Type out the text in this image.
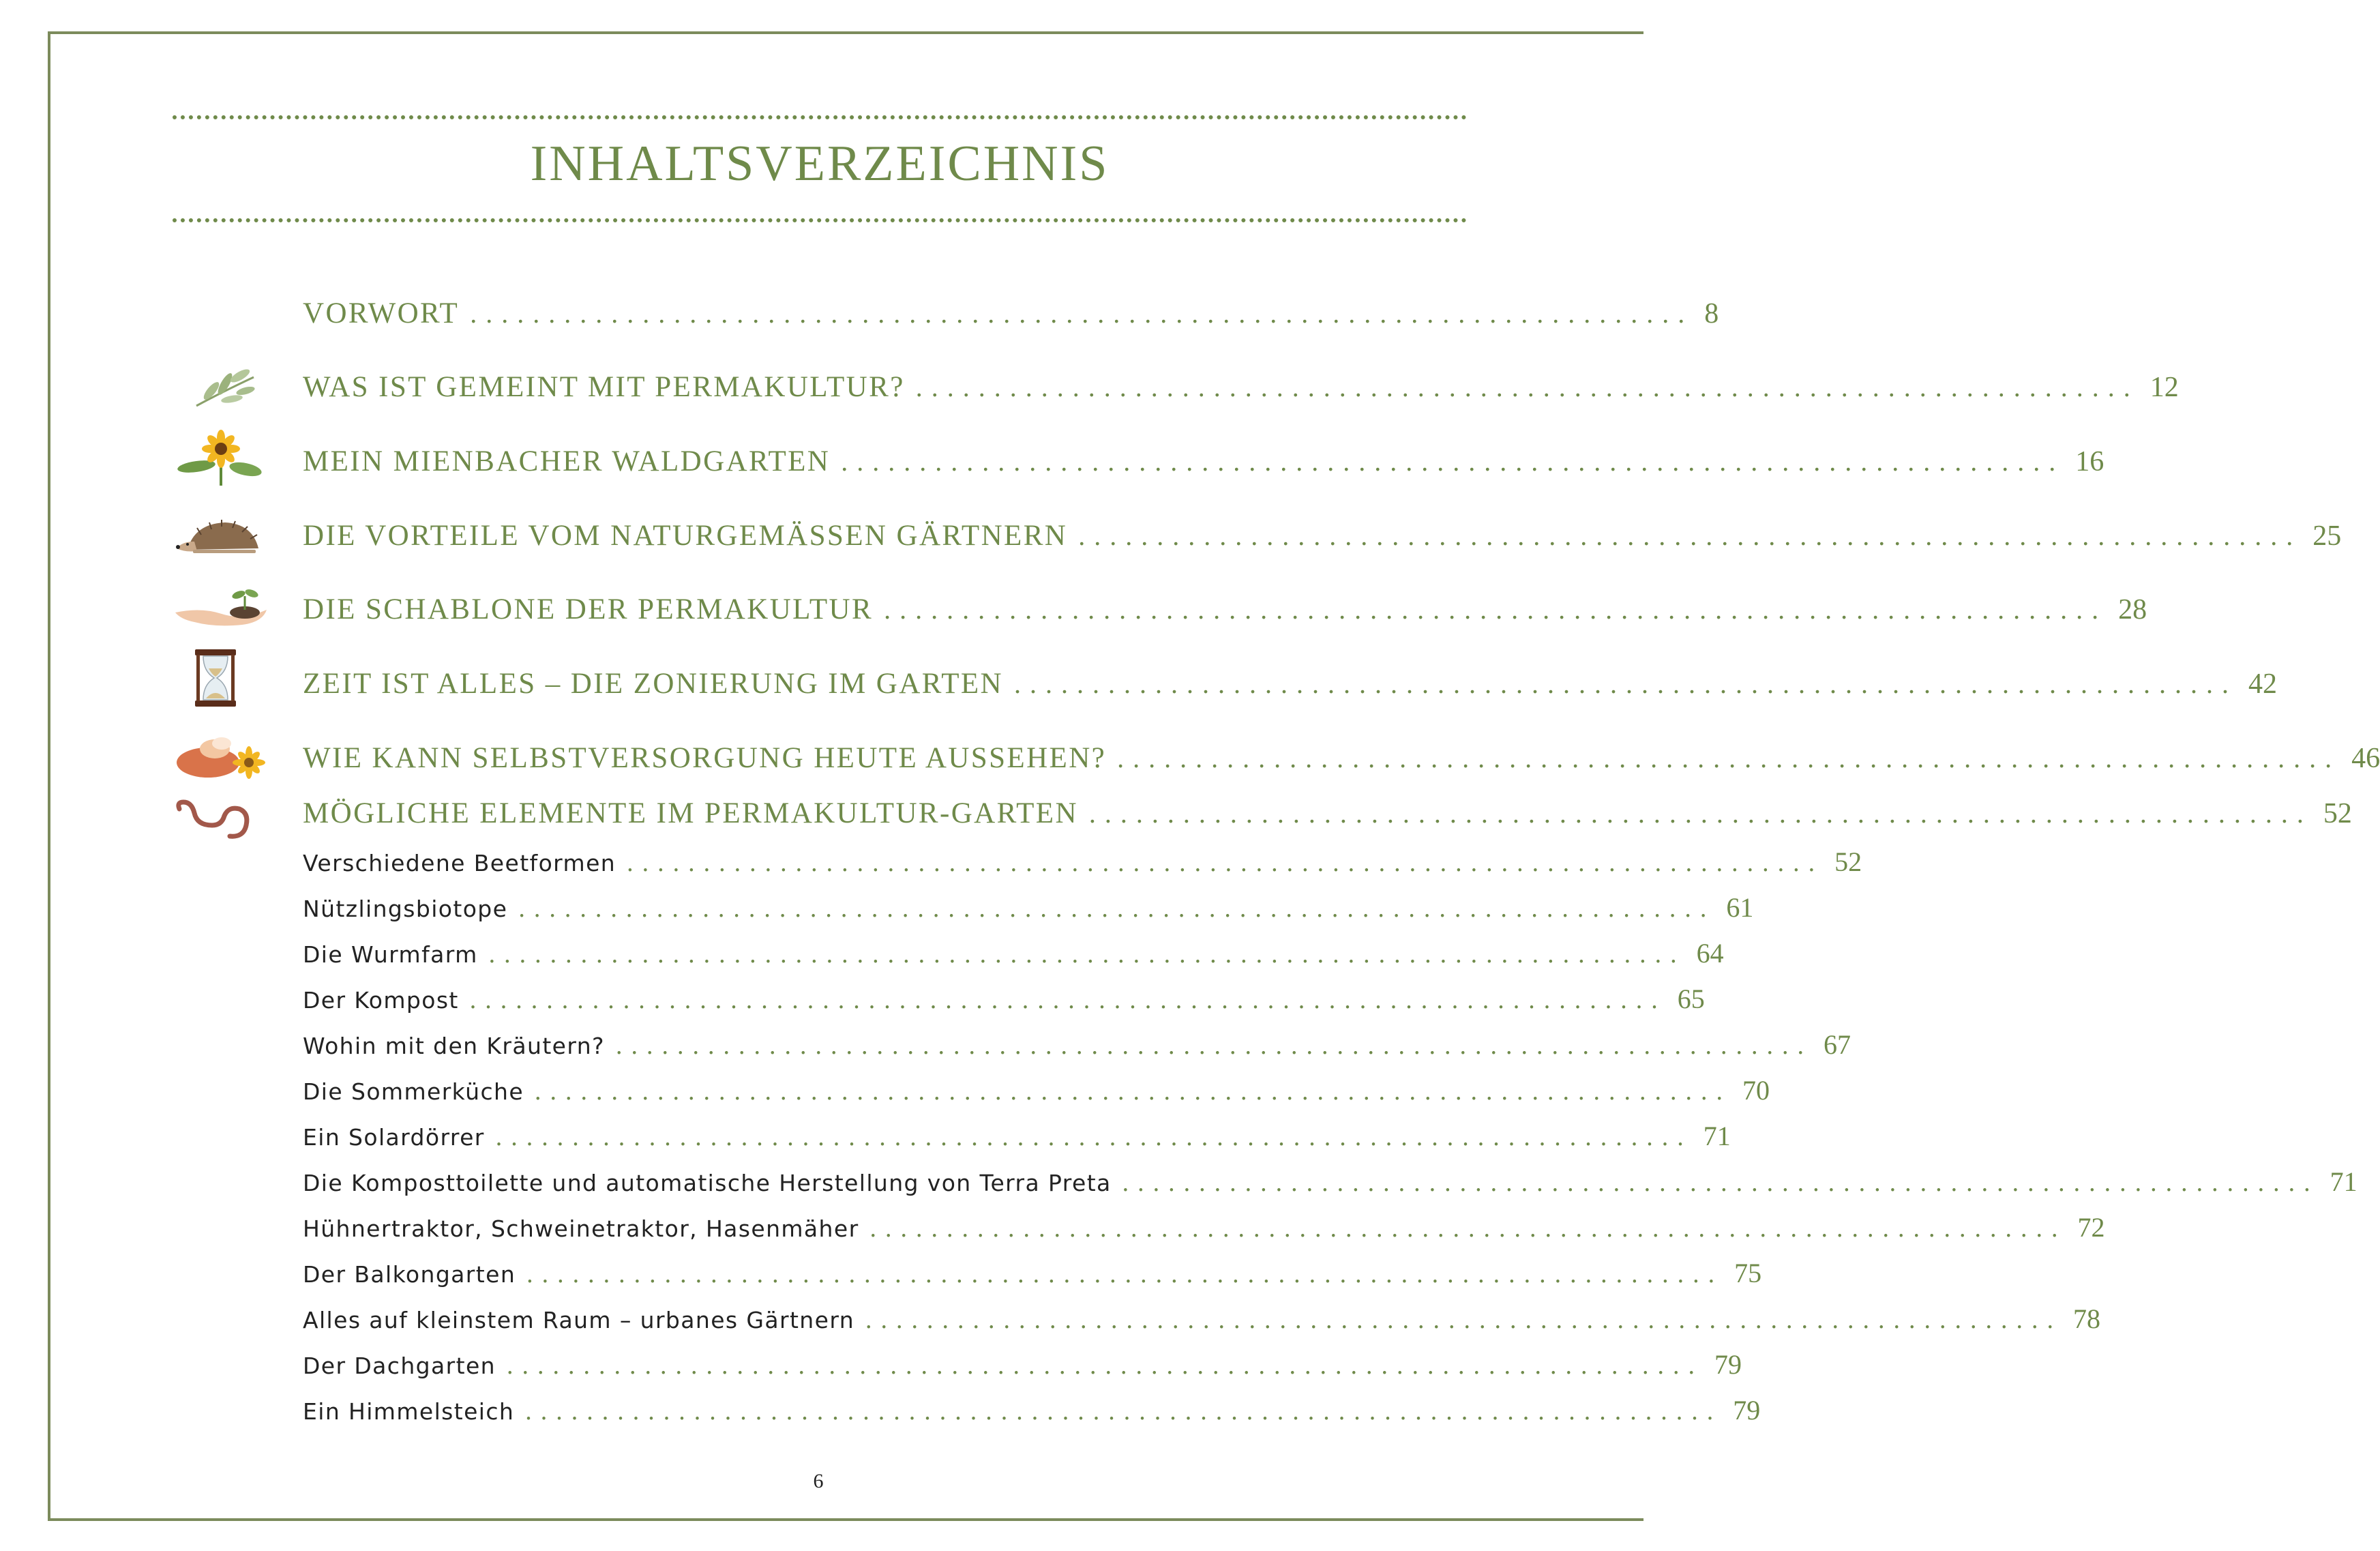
INHALTSVERZEICHNIS
VORWORT .............................................................................. 8
WAS IST GEMEINT MIT PERMAKULTUR? .............................................................................. 12
MEIN MIENBACHER WALDGARTEN .............................................................................. 16
DIE VORTEILE VOM NATURGEMÄSSEN GÄRTNERN .............................................................................. 25
DIE SCHABLONE DER PERMAKULTUR .............................................................................. 28
ZEIT IST ALLES – DIE ZONIERUNG IM GARTEN .............................................................................. 42
WIE KANN SELBSTVERSORGUNG HEUTE AUSSEHEN? .............................................................................. 46
MÖGLICHE ELEMENTE IM PERMAKULTUR-GARTEN .............................................................................. 52
Verschiedene Beetformen .............................................................................. 52
Nützlingsbiotope .............................................................................. 61
Die Wurmfarm .............................................................................. 64
Der Kompost .............................................................................. 65
Wohin mit den Kräutern? .............................................................................. 67
Die Sommerküche .............................................................................. 70
Ein Solardörrer .............................................................................. 71
Die Komposttoilette und automatische Herstellung von Terra Preta .............................................................................. 71
Hühnertraktor, Schweinetraktor, Hasenmäher .............................................................................. 72
Der Balkongarten .............................................................................. 75
Alles auf kleinstem Raum – urbanes Gärtnern .............................................................................. 78
Der Dachgarten .............................................................................. 79
Ein Himmelsteich .............................................................................. 79
6
